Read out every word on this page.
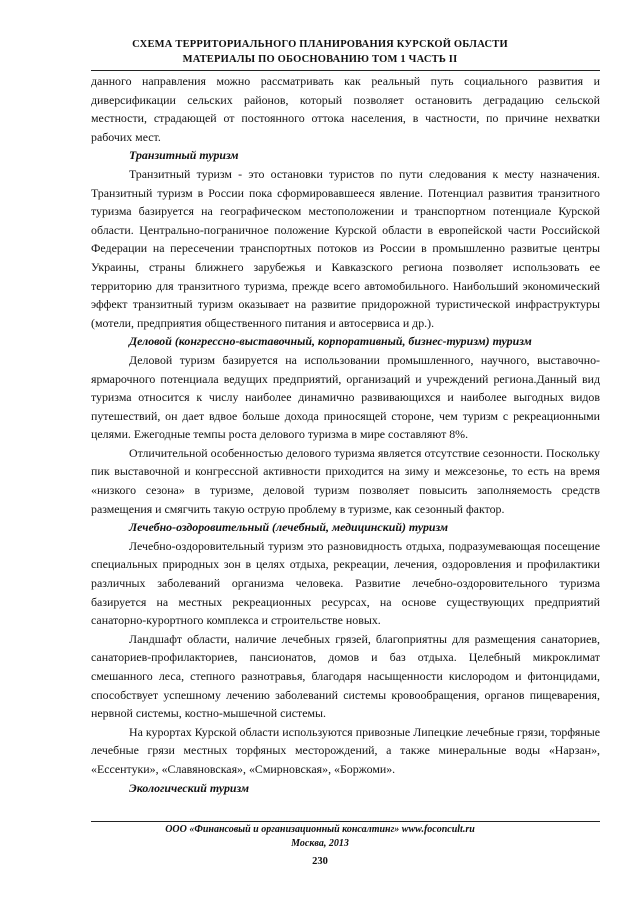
СХЕМА ТЕРРИТОРИАЛЬНОГО ПЛАНИРОВАНИЯ КУРСКОЙ ОБЛАСТИ
МАТЕРИАЛЫ ПО ОБОСНОВАНИЮ ТОМ 1 ЧАСТЬ II

данного направления можно рассматривать как реальный путь социального развития и диверсификации сельских районов, который позволяет остановить деградацию сельской местности, страдающей от постоянного оттока населения, в частности, по причине нехватки рабочих мест.

Транзитный туризм

Транзитный туризм - это остановки туристов по пути следования к месту назначения. Транзитный туризм в России пока сформировавшееся явление. Потенциал развития транзитного туризма базируется на географическом местоположении и транспортном потенциале Курской области. Центрально-пограничное положение Курской области в европейской части Российской Федерации на пересечении транспортных потоков из России в промышленно развитые центры Украины, страны ближнего зарубежья и Кавказского региона позволяет использовать ее территорию для транзитного туризма, прежде всего автомобильного. Наибольший экономический эффект транзитный туризм оказывает на развитие придорожной туристической инфраструктуры (мотели, предприятия общественного питания и автосервиса и др.).

Деловой (конгрессно-выставочный, корпоративный, бизнес-туризм) туризм

Деловой туризм базируется на использовании промышленного, научного, выставочно-ярмарочного потенциала ведущих предприятий, организаций и учреждений региона.Данный вид туризма относится к числу наиболее динамично развивающихся и наиболее выгодных видов путешествий, он дает вдвое больше дохода приносящей стороне, чем туризм с рекреационными целями. Ежегодные темпы роста делового туризма в мире составляют 8%.

Отличительной особенностью делового туризма является отсутствие сезонности. Поскольку пик выставочной и конгрессной активности приходится на зиму и межсезонье, то есть на время «низкого сезона» в туризме, деловой туризм позволяет повысить заполняемость средств размещения и смягчить такую острую проблему в туризме, как сезонный фактор.

Лечебно-оздоровительный (лечебный, медицинский) туризм

Лечебно-оздоровительный туризм это разновидность отдыха, подразумевающая посещение специальных природных зон в целях отдыха, рекреации, лечения, оздоровления и профилактики различных заболеваний организма человека. Развитие лечебно-оздоровительного туризма базируется на местных рекреационных ресурсах, на основе существующих предприятий санаторно-курортного комплекса и строительстве новых.

Ландшафт области, наличие лечебных грязей, благоприятны для размещения санаториев, санаториев-профилакториев, пансионатов, домов и баз отдыха. Целебный микроклимат смешанного леса, степного разнотравья, благодаря насыщенности кислородом и фитонцидами, способствует успешному лечению заболеваний системы кровообращения, органов пищеварения, нервной системы, костно-мышечной системы.

На курортах Курской области используются привозные Липецкие лечебные грязи, торфяные лечебные грязи местных торфяных месторождений, а также минеральные воды «Нарзан», «Ессентуки», «Славяновская», «Смирновская», «Боржоми».

Экологический туризм
ООО «Финансовый и организационный консалтинг» www.foconcult.ru
Москва, 2013
230
